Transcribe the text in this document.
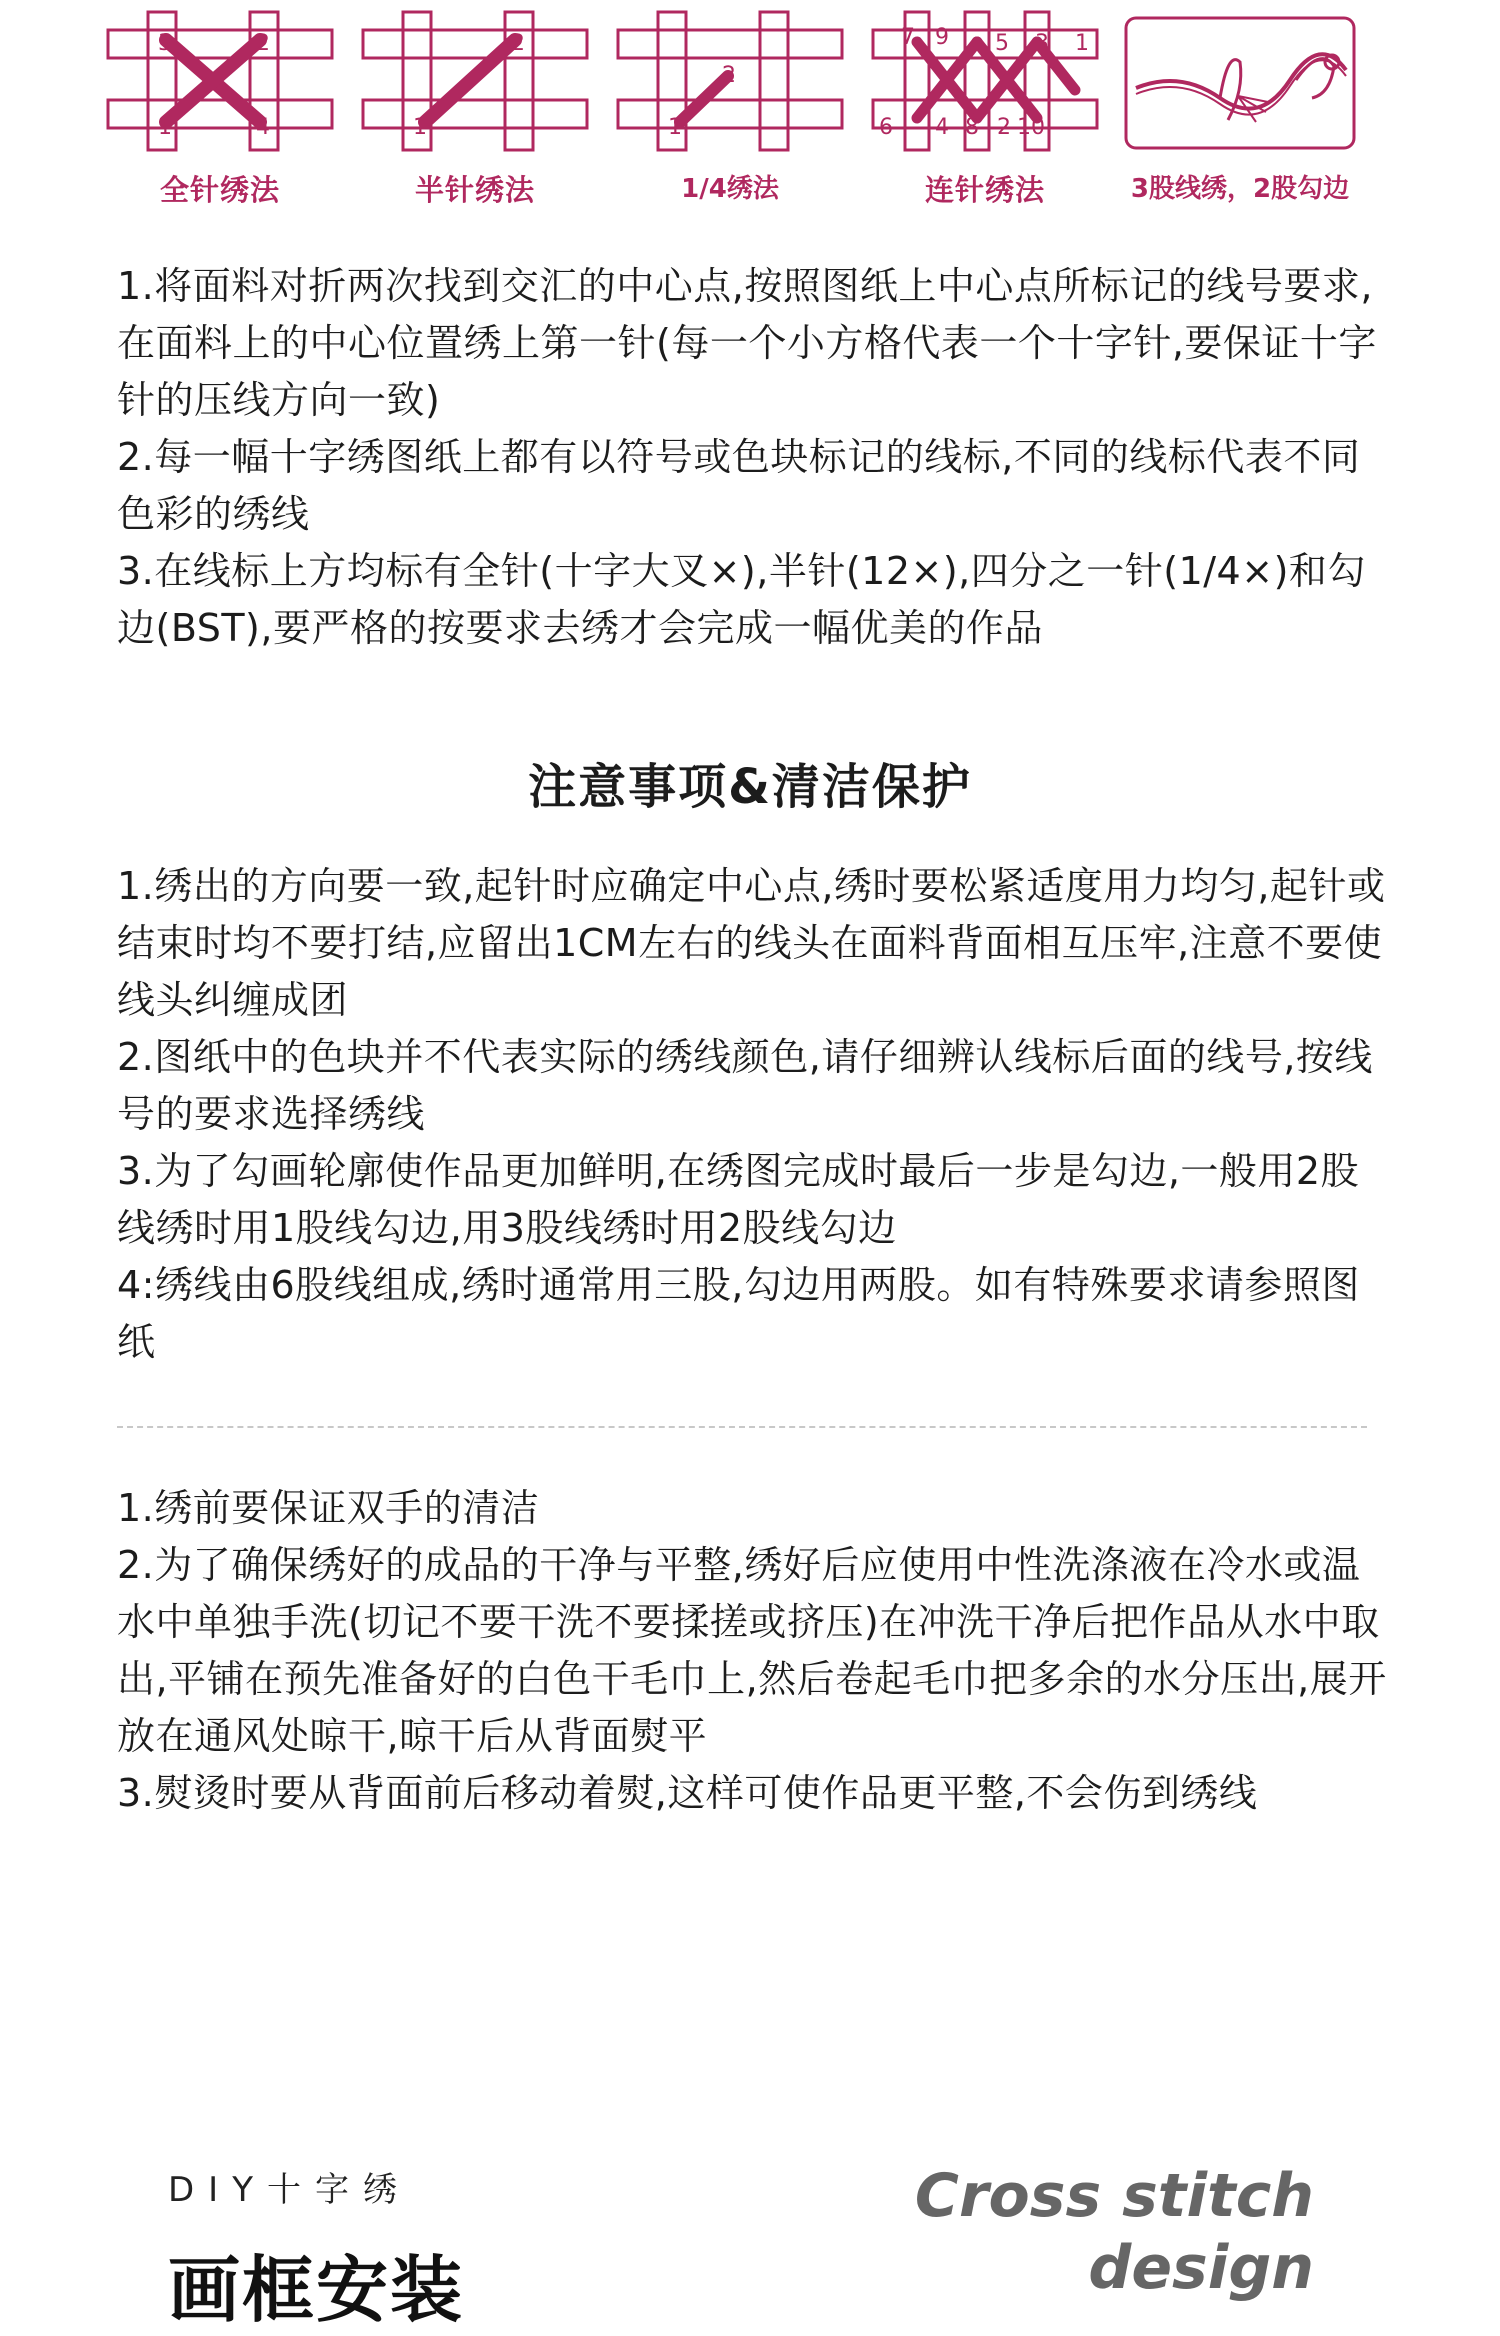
3	2
1	4
全针绣法
2
1
半针绣法
2
1
1/4绣法
7 9 5 3 1
6 4 8 2 10
连针绣法	3股线绣，2股勾边

1.将面料对折两次找到交汇的中心点,按照图纸上中心点所标记的线号要求,在面料上的中心位置绣上第一针(每一个小方格代表一个十字针,要保证十字针的压线方向一致)

2.每一幅十字绣图纸上都有以符号或色块标记的线标,不同的线标代表不同色彩的绣线

3.在线标上方均标有全针(十字大叉×),半针(12×),四分之一针(1/4×)和勾边(BST),要严格的按要求去绣才会完成一幅优美的作品

注意事项&清洁保护

1.绣出的方向要一致,起针时应确定中心点,绣时要松紧适度用力均匀,起针或结束时均不要打结,应留出1CM左右的线头在面料背面相互压牢,注意不要使线头纠缠成团

2.图纸中的色块并不代表实际的绣线颜色,请仔细辨认线标后面的线号,按线号的要求选择绣线

3.为了勾画轮廓使作品更加鲜明,在绣图完成时最后一步是勾边,一般用2股线绣时用1股线勾边,用3股线绣时用2股线勾边

4:绣线由6股线组成,绣时通常用三股,勾边用两股。如有特殊要求请参照图纸

1.绣前要保证双手的清洁

2.为了确保绣好的成品的干净与平整,绣好后应使用中性洗涤液在冷水或温水中单独手洗(切记不要干洗不要揉搓或挤压)在冲洗干净后把作品从水中取出,平铺在预先准备好的白色干毛巾上,然后卷起毛巾把多余的水分压出,展开放在通风处晾干,晾干后从背面熨平

3.熨烫时要从背面前后移动着熨,这样可使作品更平整,不会伤到绣线

DIY十字绣
画框安装
Cross stitch
design
